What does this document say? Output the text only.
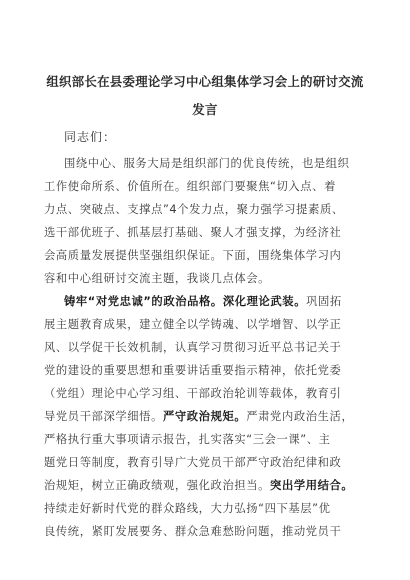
组织部长在县委理论学习中心组集体学习会上的研讨交流
发言
同志们：
围绕中心、服务大局是组织部门的优良传统，也是组织
工作使命所系、价值所在。组织部门要聚焦“切入点、着
力点、突破点、支撑点”4个发力点，聚力强学习提素质、
选干部优班子、抓基层打基础、聚人才强支撑，为经济社
会高质量发展提供坚强组织保证。下面，围绕集体学习内
容和中心组研讨交流主题，我谈几点体会。
铸牢“对党忠诚”的政治品格。深化理论武装。巩固拓
展主题教育成果，建立健全以学铸魂、以学增智、以学正
风、以学促干长效机制，认真学习贯彻习近平总书记关于
党的建设的重要思想和重要讲话重要指示精神，依托党委
（党组）理论中心学习组、干部政治轮训等载体，教育引
导党员干部深学细悟。严守政治规矩。严肃党内政治生活，
严格执行重大事项请示报告，扎实落实“三会一课”、主
题党日等制度，教育引导广大党员干部严守政治纪律和政
治规矩，树立正确政绩观，强化政治担当。突出学用结合。
持续走好新时代党的群众路线，大力弘扬“四下基层”优
良传统，紧盯发展要务、群众急难愁盼问题，推动党员干
